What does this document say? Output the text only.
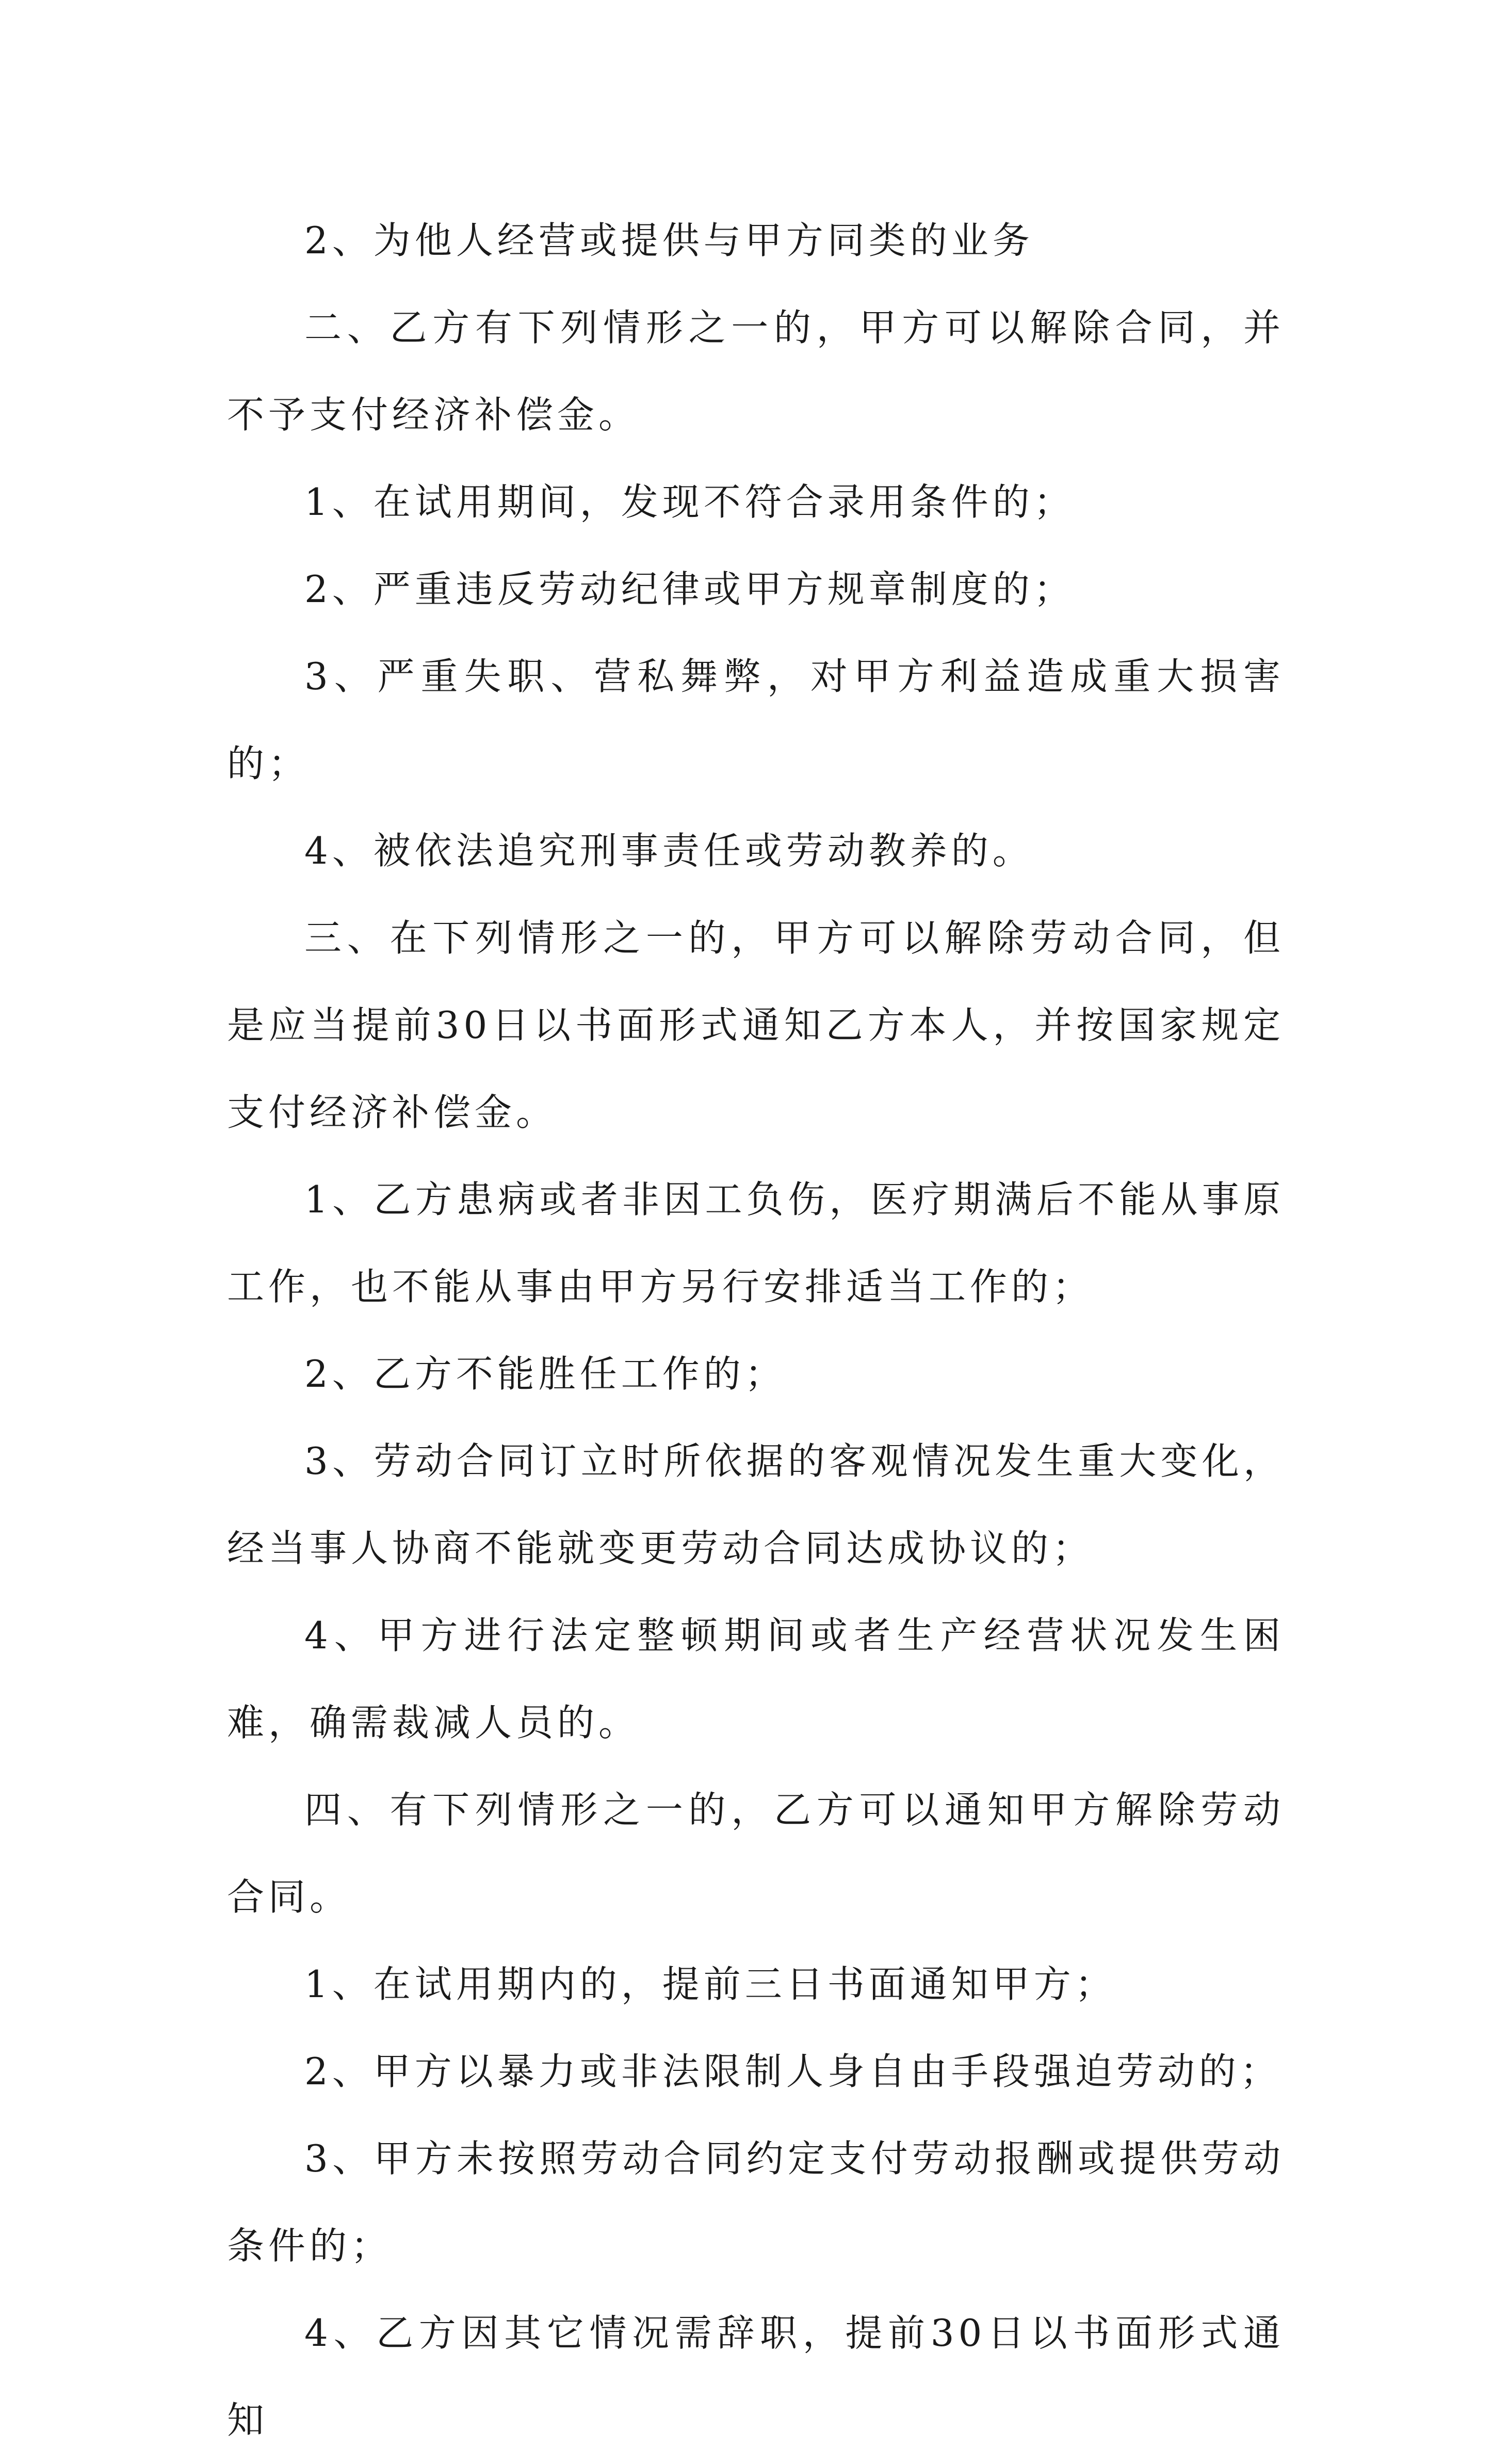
2、为他人经营或提供与甲方同类的业务

二、乙方有下列情形之一的，甲方可以解除合同，并不予支付经济补偿金。

1、在试用期间，发现不符合录用条件的；

2、严重违反劳动纪律或甲方规章制度的；

3、严重失职、营私舞弊，对甲方利益造成重大损害的；

4、被依法追究刑事责任或劳动教养的。

三、在下列情形之一的，甲方可以解除劳动合同，但是应当提前30日以书面形式通知乙方本人，并按国家规定支付经济补偿金。

1、乙方患病或者非因工负伤，医疗期满后不能从事原工作，也不能从事由甲方另行安排适当工作的；

2、乙方不能胜任工作的；

3、劳动合同订立时所依据的客观情况发生重大变化，经当事人协商不能就变更劳动合同达成协议的；

4、甲方进行法定整顿期间或者生产经营状况发生困难，确需裁减人员的。

四、有下列情形之一的，乙方可以通知甲方解除劳动合同。

1、在试用期内的，提前三日书面通知甲方；

2、甲方以暴力或非法限制人身自由手段强迫劳动的；

3、甲方未按照劳动合同约定支付劳动报酬或提供劳动条件的；

4、乙方因其它情况需辞职，提前30日以书面形式通知
